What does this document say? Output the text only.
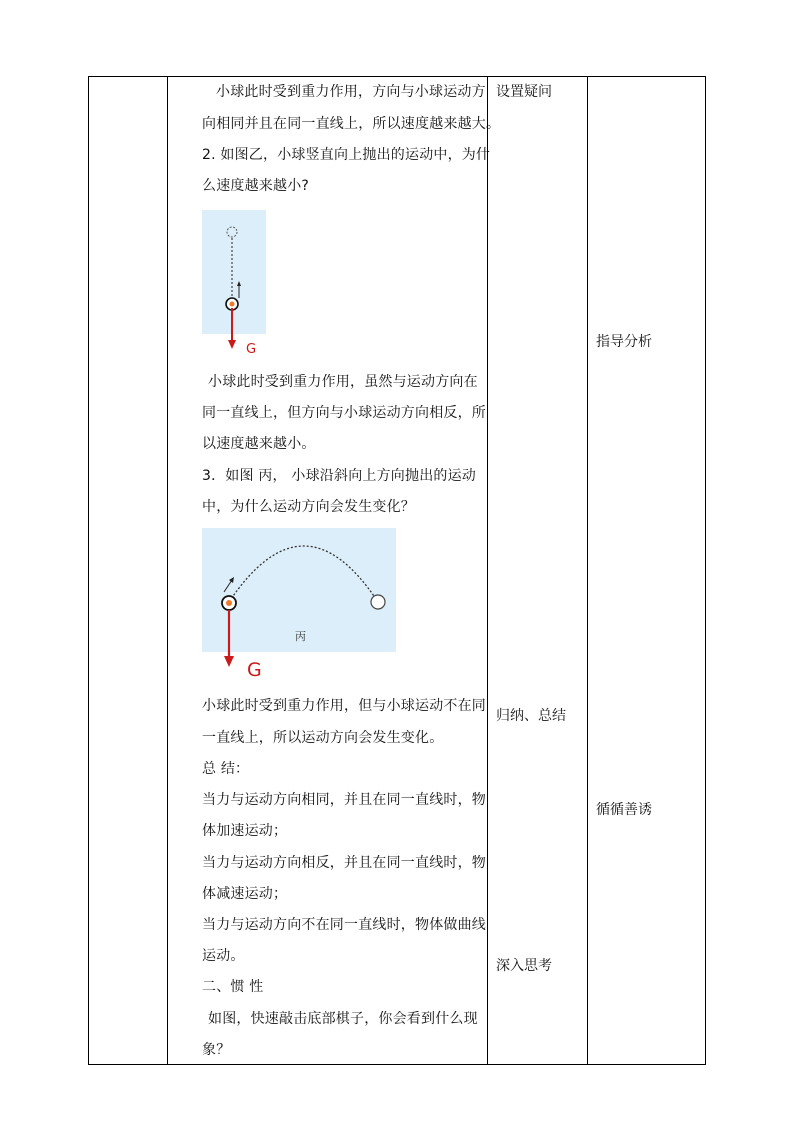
小球此时受到重力作用，方向与小球运动方
向相同并且在同一直线上，所以速度越来越大。
2. 如图乙，小球竖直向上抛出的运动中，为什
么速度越来越小?
G
小球此时受到重力作用，虽然与运动方向在
同一直线上，但方向与小球运动方向相反，所
以速度越来越小。
3．如图 丙， 小球沿斜向上方向抛出的运动
中，为什么运动方向会发生变化？
丙
G
小球此时受到重力作用，但与小球运动不在同
一直线上，所以运动方向会发生变化。
总 结：
当力与运动方向相同，并且在同一直线时，物
体加速运动；
当力与运动方向相反，并且在同一直线时，物
体减速运动；
当力与运动方向不在同一直线时，物体做曲线
运动。
二、惯 性
如图，快速敲击底部棋子，你会看到什么现
象？
设置疑问
归纳、总结
深入思考
指导分析
循循善诱
